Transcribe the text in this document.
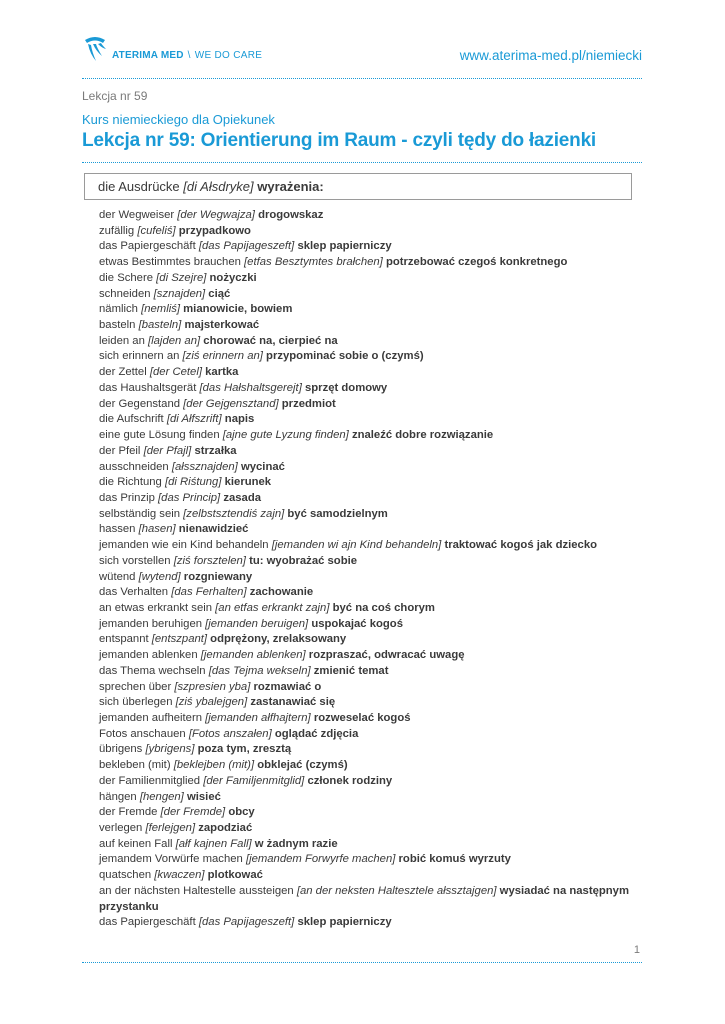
ATERIMA MED \ WE DO CARE	www.aterima-med.pl/niemiecki
Lekcja nr 59
Kurs niemieckiego dla Opiekunek
Lekcja nr 59: Orientierung im Raum - czyli tędy do łazienki
die Ausdrücke [di Ałsdryke] wyrażenia:
der Wegweiser [der Wegwajza] drogowskaz
zufällig [cufeliś] przypadkowo
das Papiergeschäft [das Papijageszeft] sklep papierniczy
etwas Bestimmtes brauchen [etfas Besztymtes brałchen] potrzebować czegoś konkretnego
die Schere [di Szejre] nożyczki
schneiden [sznajden] ciąć
nämlich [nemliś] mianowicie, bowiem
basteln [basteln] majsterkować
leiden an [lajden an] chorować na, cierpieć na
sich erinnern an [ziś erinnern an] przypominać sobie o (czymś)
der Zettel [der Cetel] kartka
das Haushaltsgerät [das Hałshaltsgerejt] sprzęt domowy
der Gegenstand [der Gejgensztand] przedmiot
die Aufschrift [di Ałfszrift] napis
eine gute Lösung finden [ajne gute Lyzung finden] znaleźć dobre rozwiązanie
der Pfeil [der Pfajl] strzałka
ausschneiden [ałssznajden] wycinać
die Richtung [di Riśtung] kierunek
das Prinzip [das Princip] zasada
selbständig sein [zelbstsztendiś zajn] być samodzielnym
hassen [hasen] nienawidzieć
jemanden wie ein Kind behandeln [jemanden wi ajn Kind behandeln] traktować kogoś jak dziecko
sich vorstellen [ziś forsztelen] tu: wyobrażać sobie
wütend [wytend] rozgniewany
das Verhalten [das Ferhalten] zachowanie
an etwas erkrankt sein [an etfas erkrankt zajn] być na coś chorym
jemanden beruhigen [jemanden beruigen] uspokajać kogoś
entspannt [entszpant] odprężony, zrelaksowany
jemanden ablenken [jemanden ablenken] rozpraszać, odwracać uwagę
das Thema wechseln [das Tejma wekseln] zmienić temat
sprechen über [szpresien yba] rozmawiać o
sich überlegen [ziś ybalejgen] zastanawiać się
jemanden aufheitern [jemanden ałfhajtern] rozweselać kogoś
Fotos anschauen [Fotos anszałen] oglądać zdjęcia
übrigens [ybrigens] poza tym, zresztą
bekleben (mit) [beklejben (mit)] obklejać (czymś)
der Familienmitglied [der Familjenmitglid] członek rodziny
hängen [hengen] wisieć
der Fremde [der Fremde] obcy
verlegen [ferlejgen] zapodziać
auf keinen Fall [ałf kajnen Fall] w żadnym razie
jemandem Vorwürfe machen [jemandem Forwyrfe machen] robić komuś wyrzuty
quatschen [kwaczen] plotkować
an der nächsten Haltestelle aussteigen [an der neksten Haltesztele ałssztajgen] wysiadać na następnym przystanku
das Papiergeschäft [das Papijageszeft] sklep papierniczy
1
